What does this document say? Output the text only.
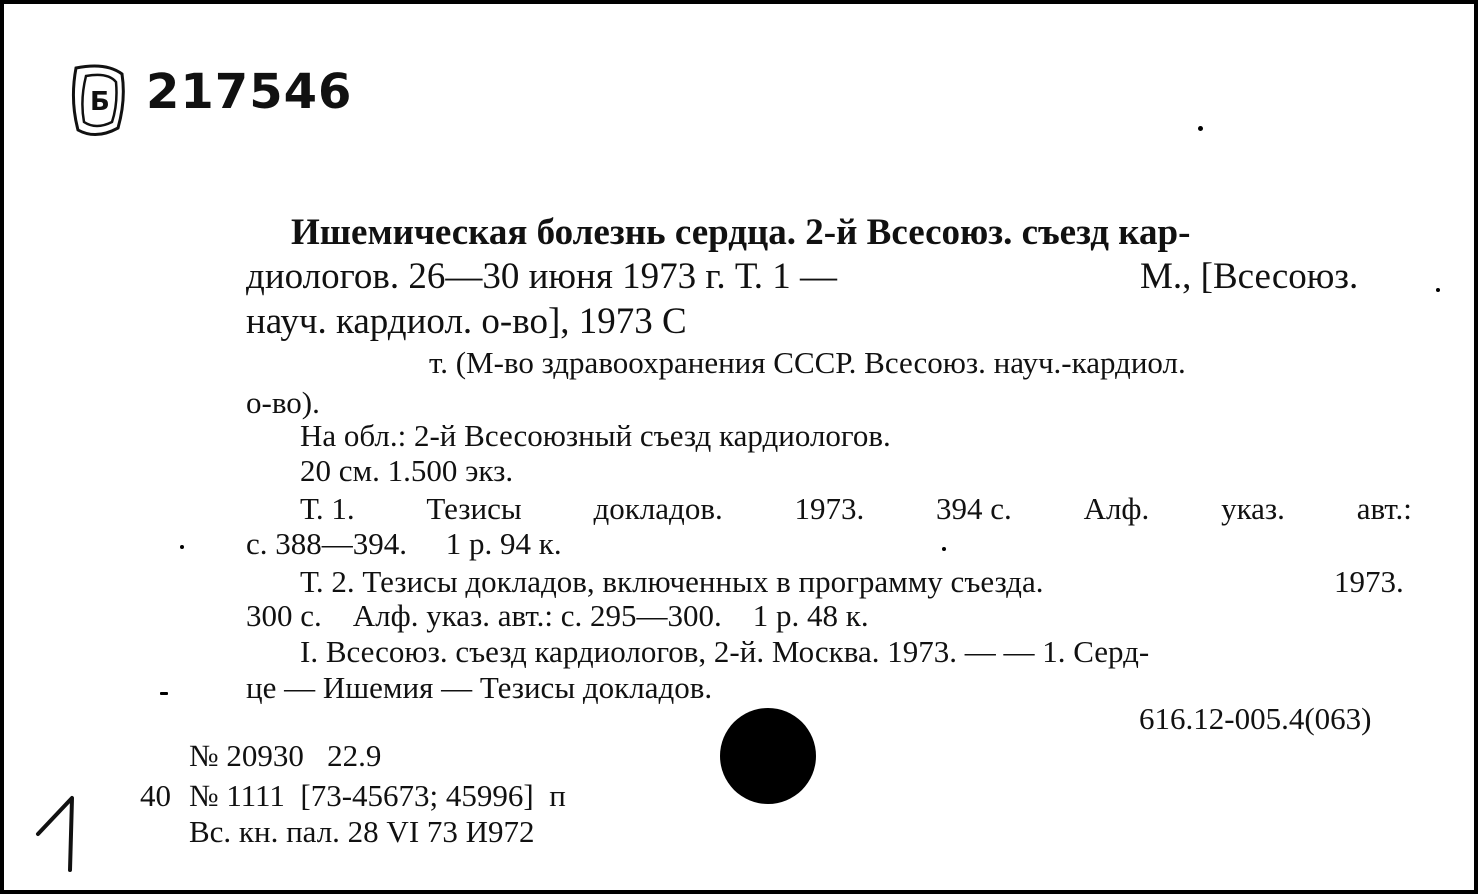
Б 217546
Ишемическая болезнь сердца. 2-й Всесоюз. съезд кар-
диологов. 26—30 июня 1973 г. Т. 1 —	М., [Всесоюз.
науч. кардиол. о-во], 1973 С
т. (М-во здравоохранения СССР. Всесоюз. науч.-кардиол.
о-во).
На обл.: 2-й Всесоюзный съезд кардиологов.
20 см. 1.500 экз.
Т. 1. Тезисы докладов. 1973. 394 с. Алф. указ. авт.:
с. 388—394.     1 р. 94 к.
Т. 2. Тезисы докладов, включенных в программу съезда.	1973.
300 с.    Алф. указ. авт.: с. 295—300.    1 р. 48 к.
I. Всесоюз. съезд кардиологов, 2-й. Москва. 1973. — — 1. Серд-
це — Ишемия — Тезисы докладов.
616.12-005.4(063)
№ 20930   22.9
40 № 1111  [73-45673; 45996]  п
Вс. кн. пал. 28 VI 73 И972
